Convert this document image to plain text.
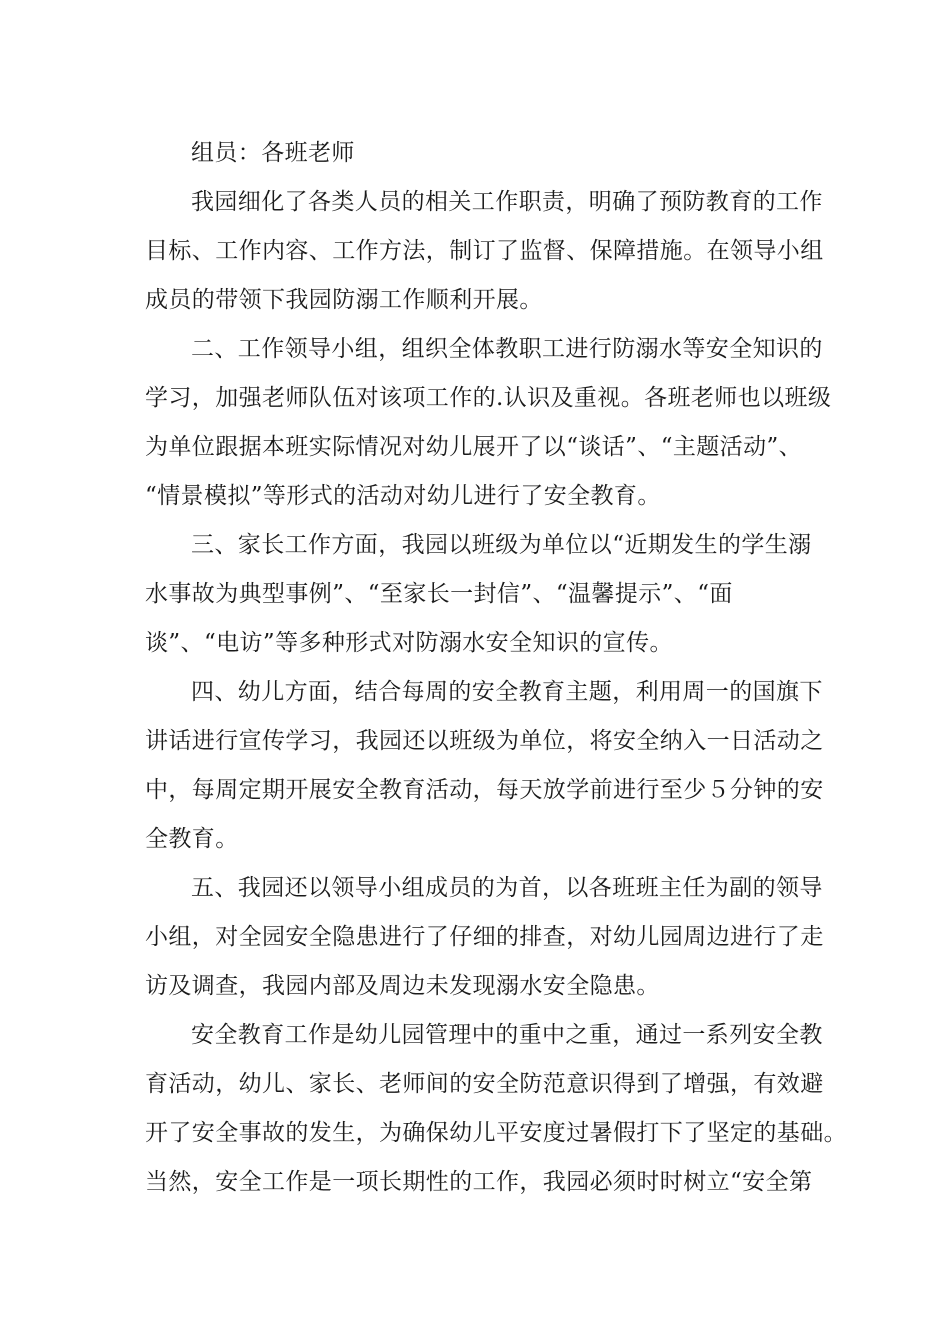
组员：各班老师
我园细化了各类人员的相关工作职责，明确了预防教育的工作
目标、工作内容、工作方法，制订了监督、保障措施。在领导小组
成员的带领下我园防溺工作顺利开展。
二、工作领导小组，组织全体教职工进行防溺水等安全知识的
学习，加强老师队伍对该项工作的.认识及重视。各班老师也以班级
为单位跟据本班实际情况对幼儿展开了以“谈话”、“主题活动”、
“情景模拟”等形式的活动对幼儿进行了安全教育。
三、家长工作方面，我园以班级为单位以“近期发生的学生溺
水事故为典型事例”、“至家长一封信”、“温馨提示”、“面
谈”、“电访”等多种形式对防溺水安全知识的宣传。
四、幼儿方面，结合每周的安全教育主题，利用周一的国旗下
讲话进行宣传学习，我园还以班级为单位，将安全纳入一日活动之
中，每周定期开展安全教育活动，每天放学前进行至少５分钟的安
全教育。
五、我园还以领导小组成员的为首，以各班班主任为副的领导
小组，对全园安全隐患进行了仔细的排查，对幼儿园周边进行了走
访及调查，我园内部及周边未发现溺水安全隐患。
安全教育工作是幼儿园管理中的重中之重，通过一系列安全教
育活动，幼儿、家长、老师间的安全防范意识得到了增强，有效避
开了安全事故的发生，为确保幼儿平安度过暑假打下了坚定的基础。
当然，安全工作是一项长期性的工作，我园必须时时树立“安全第
